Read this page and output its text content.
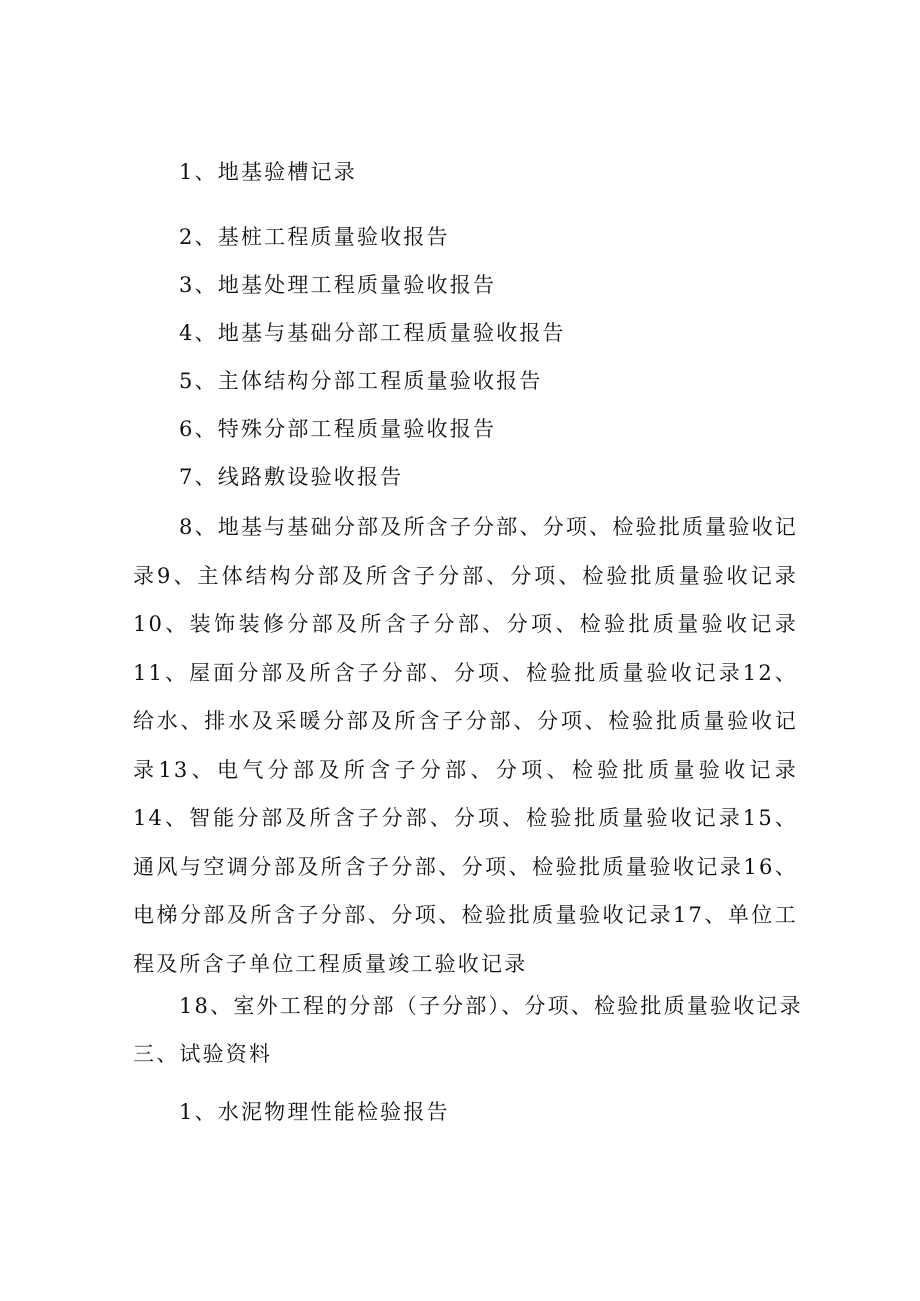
1、地基验槽记录
2、基桩工程质量验收报告
3、地基处理工程质量验收报告
4、地基与基础分部工程质量验收报告
5、主体结构分部工程质量验收报告
6、特殊分部工程质量验收报告
7、线路敷设验收报告
8、地基与基础分部及所含子分部、分项、检验批质量验收记录9、主体结构分部及所含子分部、分项、检验批质量验收记录10、装饰装修分部及所含子分部、分项、检验批质量验收记录11、屋面分部及所含子分部、分项、检验批质量验收记录12、给水、排水及采暖分部及所含子分部、分项、检验批质量验收记录13、电气分部及所含子分部、分项、检验批质量验收记录14、智能分部及所含子分部、分项、检验批质量验收记录15、通风与空调分部及所含子分部、分项、检验批质量验收记录16、电梯分部及所含子分部、分项、检验批质量验收记录17、单位工程及所含子单位工程质量竣工验收记录
18、室外工程的分部（子分部）、分项、检验批质量验收记录
三、试验资料
1、水泥物理性能检验报告
